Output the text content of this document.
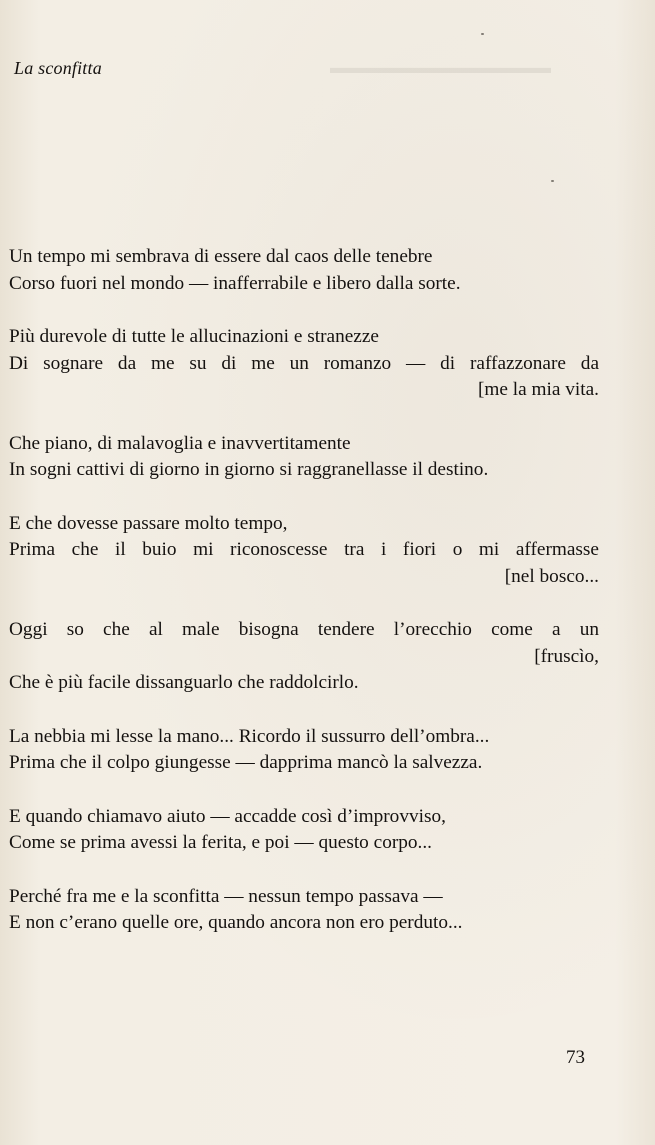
▬▬▬▬▬▬▬▬▬▬▬▬▬
La sconfitta
Un tempo mi sembrava di essere dal caos delle tenebre
Corso fuori nel mondo — inafferrabile e libero dalla sorte.
Più durevole di tutte le allucinazioni e stranezze
Di sognare da me su di me un romanzo — di raffazzonare da
[me la mia vita.
Che piano, di malavoglia e inavvertitamente
In sogni cattivi di giorno in giorno si raggranellasse il destino.
E che dovesse passare molto tempo,
Prima che il buio mi riconoscesse tra i fiori o mi affermasse
[nel bosco...
Oggi so che al male bisogna tendere l’orecchio come a un
[fruscìo,
Che è più facile dissanguarlo che raddolcirlo.
La nebbia mi lesse la mano... Ricordo il sussurro dell’ombra...
Prima che il colpo giungesse — dapprima mancò la salvezza.
E quando chiamavo aiuto — accadde così d’improvviso,
Come se prima avessi la ferita, e poi — questo corpo...
Perché fra me e la sconfitta — nessun tempo passava —
E non c’erano quelle ore, quando ancora non ero perduto...
73
